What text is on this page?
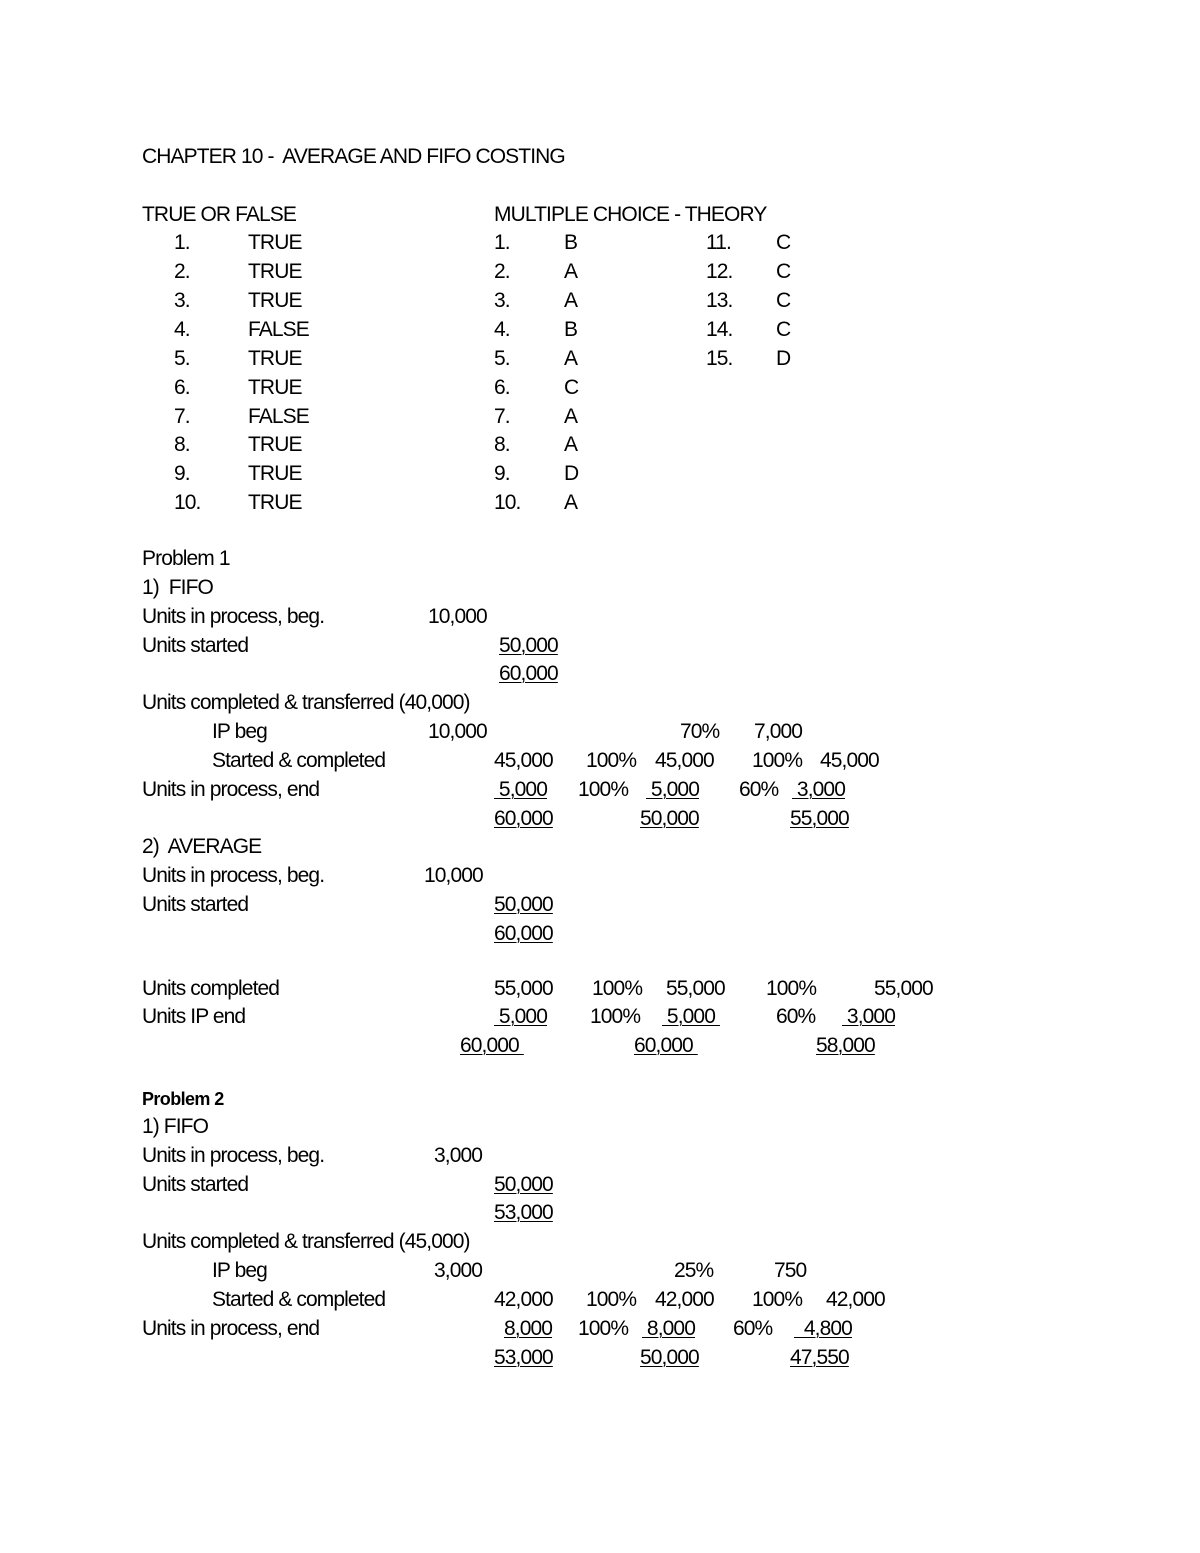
CHAPTER 10 -  AVERAGE AND FIFO COSTING
TRUE OR FALSE
1.	TRUE
2.	TRUE
3.	TRUE
4.	FALSE
5.	TRUE
6.	TRUE
7.	FALSE
8.	TRUE
9.	TRUE
10. TRUE
MULTIPLE CHOICE - THEORY
1.	B
2.	A
3.	A
4.	B
5.	A
6.	C
7.	A
8.	A
9.	D
10. A
11. C
12. C
13. C
14. C
15. D
Problem 1
1)  FIFO
Units in process, beg.	10,000
Units started	50,000
60,000
Units completed & transferred (40,000)
IP beg	10,000	70% 7,000
Started & completed	45,000 100% 45,000 100% 45,000
Units in process, end	5,000 100% 5,000 60% 3,000
60,000	50,000	55,000
2)  AVERAGE
Units in process, beg.	10,000
Units started	50,000
60,000
Units completed	55,000 100% 55,000 100%	55,000
Units IP end	5,000 100% 5,000	60% 3,000
60,000	60,000	58,000
Problem 2
1) FIFO
Units in process, beg.	3,000
Units started	50,000
53,000
Units completed & transferred (45,000)
IP beg	3,000	25%	750
Started & completed	42,000 100% 42,000 100% 42,000
Units in process, end	8,000 100% 8,000 60% 4,800
53,000	50,000	47,550
